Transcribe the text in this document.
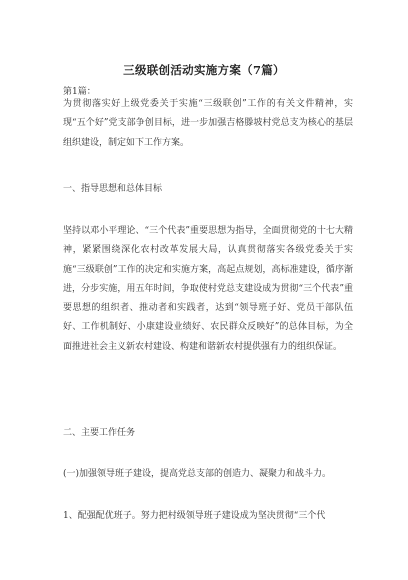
三级联创活动实施方案（7篇）
第1篇：

为贯彻落实好上级党委关于实施“三级联创”工作的有关文件精神，实现“五个好”党支部争创目标，进一步加强吉格滕坡村党总支为核心的基层组织建设，制定如下工作方案。

一、指导思想和总体目标

坚持以邓小平理论、“三个代表”重要思想为指导，全面贯彻党的十七大精神，紧紧围绕深化农村改革发展大局，认真贯彻落实各级党委关于实施“三级联创”工作的决定和实施方案，高起点规划，高标准建设，循序渐进，分步实施，用五年时间，争取使村党总支建设成为贯彻“三个代表”重要思想的组织者、推动者和实践者，达到“领导班子好、党员干部队伍好、工作机制好、小康建设业绩好、农民群众反映好”的总体目标，为全面推进社会主义新农村建设、构建和谐新农村提供强有力的组织保证。

二、主要工作任务
(一)加强领导班子建设，提高党总支部的创造力、凝聚力和战斗力。
1、配强配优班子。努力把村级领导班子建设成为坚决贯彻“三个代
